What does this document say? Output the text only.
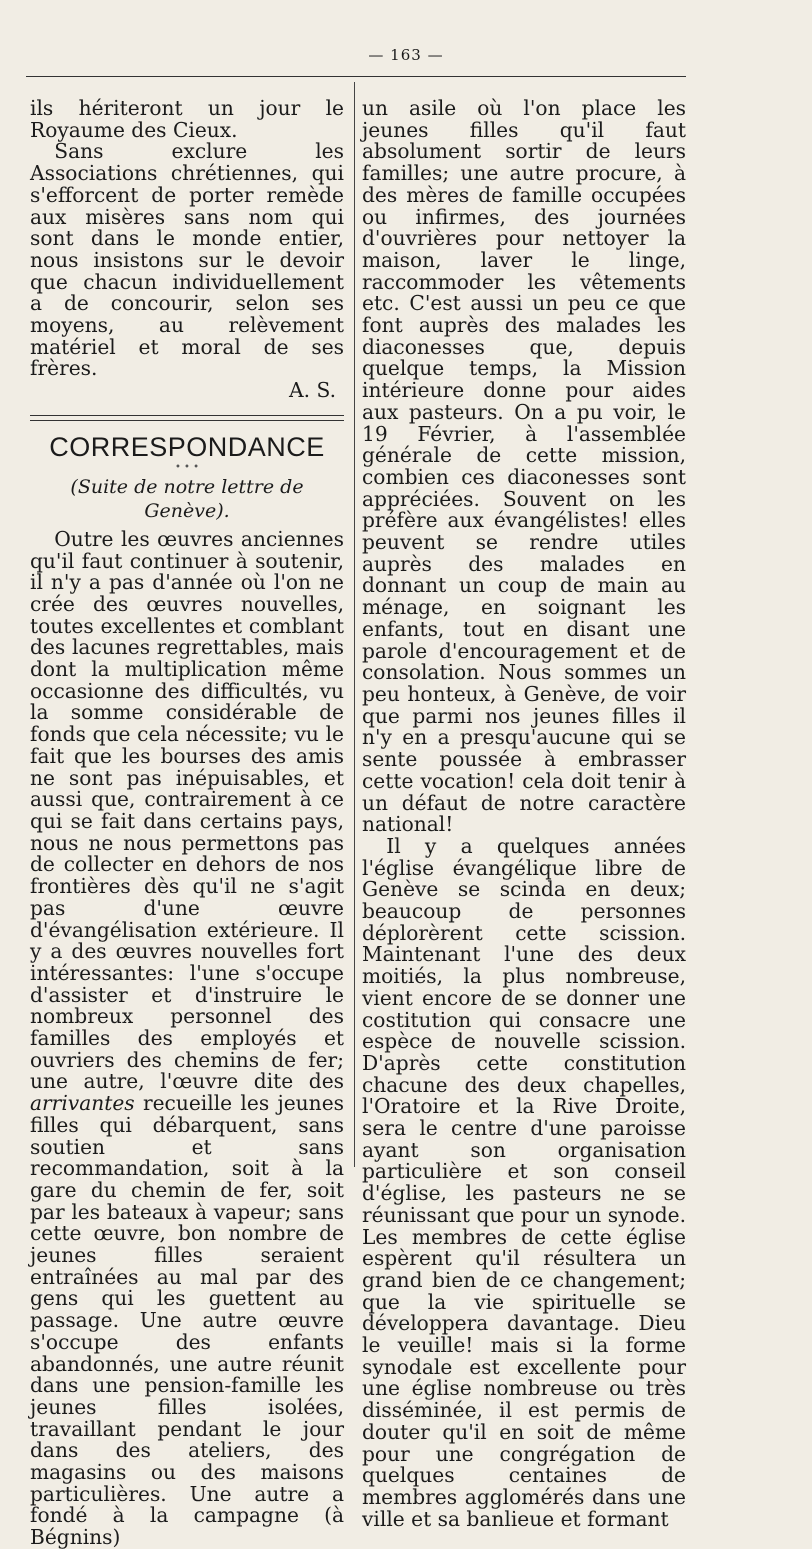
— 163 —

ils hériteront un jour le Royaume des Cieux.

Sans exclure les Associations chrétiennes, qui s'efforcent de porter remède aux misères sans nom qui sont dans le monde entier, nous insistons sur le devoir que chacun individuellement a de concourir, selon ses moyens, au relèvement matériel et moral de ses frères.

A. S.

CORRESPONDANCE

• • •

(Suite de notre lettre de Genève).

Outre les œuvres anciennes qu'il faut continuer à soutenir, il n'y a pas d'année où l'on ne crée des œuvres nouvelles, toutes excellentes et comblant des lacunes regrettables, mais dont la multiplication même occasionne des difficultés, vu la somme considérable de fonds que cela nécessite; vu le fait que les bourses des amis ne sont pas inépuisables, et aussi que, contrairement à ce qui se fait dans certains pays, nous ne nous permettons pas de collecter en dehors de nos frontières dès qu'il ne s'agit pas d'une œuvre d'évangélisation extérieure. Il y a des œuvres nouvelles fort intéressantes: l'une s'occupe d'assister et d'instruire le nombreux personnel des familles des employés et ouvriers des chemins de fer; une autre, l'œuvre dite des arrivantes recueille les jeunes filles qui débarquent, sans soutien et sans recommandation, soit à la gare du chemin de fer, soit par les bateaux à vapeur; sans cette œuvre, bon nombre de jeunes filles seraient entraînées au mal par des gens qui les guettent au passage. Une autre œuvre s'occupe des enfants abandonnés, une autre réunit dans une pension-famille les jeunes filles isolées, travaillant pendant le jour dans des ateliers, des magasins ou des maisons particulières. Une autre a fondé à la campagne (à Bégnins)

un asile où l'on place les jeunes filles qu'il faut absolument sortir de leurs familles; une autre procure, à des mères de famille occupées ou infirmes, des journées d'ouvrières pour nettoyer la maison, laver le linge, raccommoder les vêtements etc. C'est aussi un peu ce que font auprès des malades les diaconesses que, depuis quelque temps, la Mission intérieure donne pour aides aux pasteurs. On a pu voir, le 19 Février, à l'assemblée générale de cette mission, combien ces diaconesses sont appréciées. Souvent on les préfère aux évangélistes! elles peuvent se rendre utiles auprès des malades en donnant un coup de main au ménage, en soignant les enfants, tout en disant une parole d'encouragement et de consolation. Nous sommes un peu honteux, à Genève, de voir que parmi nos jeunes filles il n'y en a presqu'aucune qui se sente poussée à embrasser cette vocation! cela doit tenir à un défaut de notre caractère national!

Il y a quelques années l'église évangélique libre de Genève se scinda en deux; beaucoup de personnes déplorèrent cette scission. Maintenant l'une des deux moitiés, la plus nombreuse, vient encore de se donner une costitution qui consacre une espèce de nouvelle scission. D'après cette constitution chacune des deux chapelles, l'Oratoire et la Rive Droite, sera le centre d'une paroisse ayant son organisation particulière et son conseil d'église, les pasteurs ne se réunissant que pour un synode. Les membres de cette église espèrent qu'il résultera un grand bien de ce changement; que la vie spirituelle se développera davantage. Dieu le veuille! mais si la forme synodale est excellente pour une église nombreuse ou très disséminée, il est permis de douter qu'il en soit de même pour une congrégation de quelques centaines de membres agglomérés dans une ville et sa banlieue et formant
